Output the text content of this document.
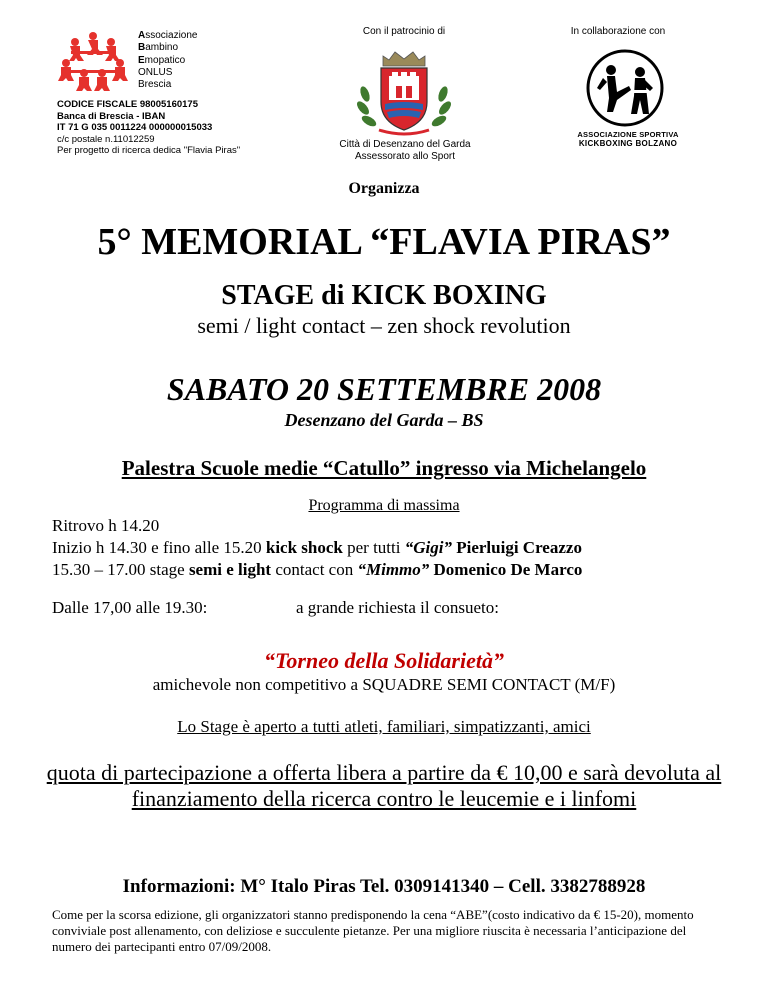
Associazione
Bambino
Emopatico
ONLUS
Brescia
CODICE FISCALE 98005160175
Banca di Brescia - IBAN
IT 71 G 035 0011224 000000015033
c/c postale n.11012259
Per progetto di ricerca dedica "Flavia Piras"
Con il patrocinio di
Città di Desenzano del Garda
Assessorato allo Sport
In collaborazione con
ASSOCIAZIONE SPORTIVA
KICKBOXING BOLZANO
Organizza
5° MEMORIAL “FLAVIA PIRAS”
STAGE di KICK BOXING
semi / light contact – zen shock revolution
SABATO 20 SETTEMBRE 2008
Desenzano del Garda – BS
Palestra Scuole medie “Catullo” ingresso via Michelangelo
Programma di massima
Ritrovo h 14.20
Inizio h 14.30 e fino alle 15.20 kick shock per tutti “Gigi” Pierluigi Creazzo
15.30 – 17.00 stage semi e light contact con “Mimmo” Domenico De Marco
Dalle 17,00 alle 19.30:	a grande richiesta il consueto:
“Torneo della Solidarietà”
amichevole non competitivo a SQUADRE SEMI CONTACT (M/F)
Lo Stage è aperto a tutti atleti, familiari, simpatizzanti, amici
quota di partecipazione a offerta libera a partire da € 10,00 e sarà devoluta al finanziamento della ricerca contro le leucemie e i linfomi
Informazioni: M° Italo Piras Tel. 0309141340 – Cell. 3382788928
Come per la scorsa edizione, gli organizzatori stanno predisponendo la cena “ABE”(costo indicativo da € 15-20), momento conviviale post allenamento, con deliziose e succulente pietanze. Per una migliore riuscita è necessaria l’anticipazione del numero dei partecipanti entro 07/09/2008.
